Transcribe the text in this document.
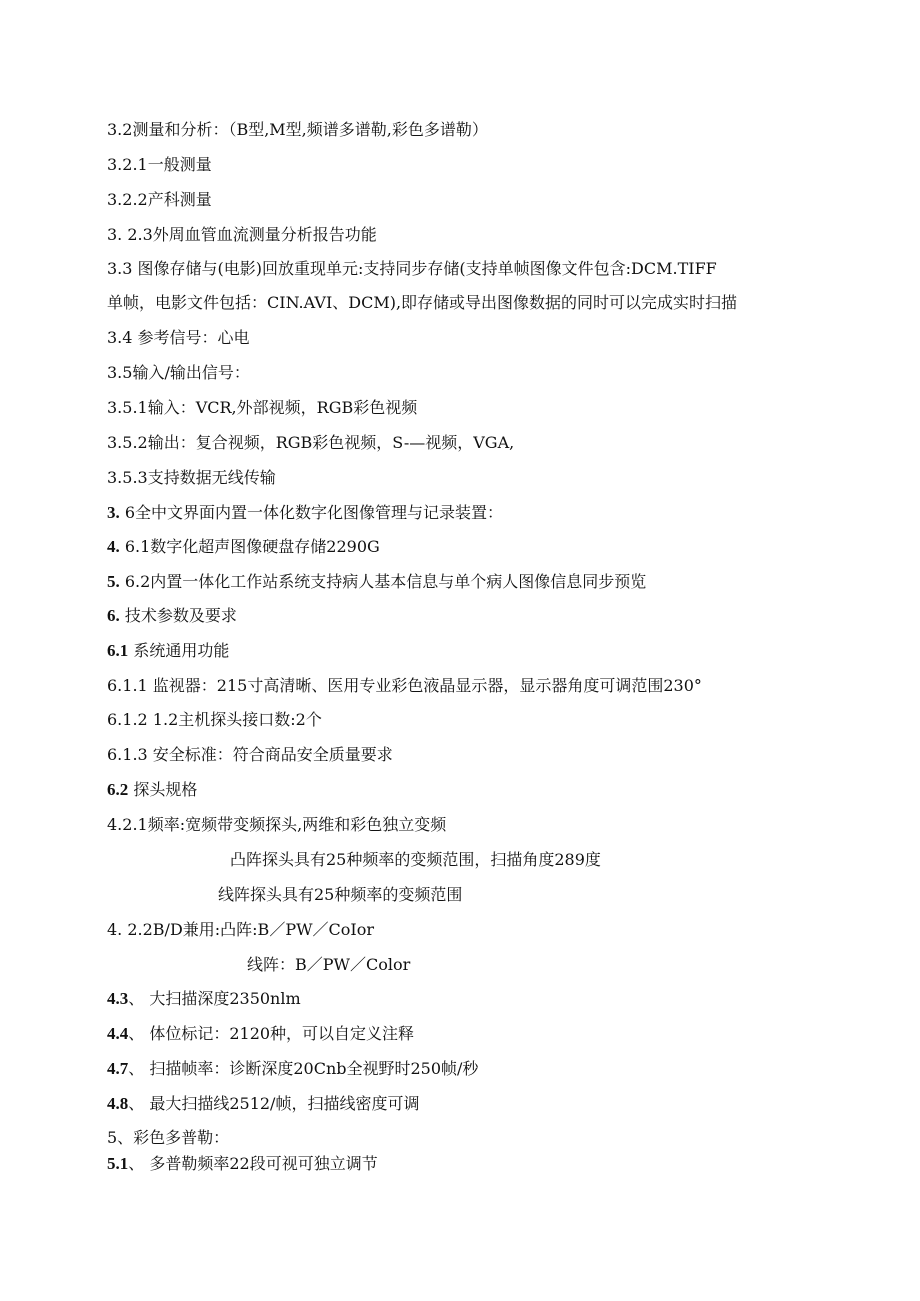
3.2测量和分析：（B型,M型,频谱多谱勒,彩色多谱勒）
3.2.1一般测量
3.2.2产科测量
3. 2.3外周血管血流测量分析报告功能
3.3 图像存储与(电影)回放重现单元:支持同步存储(支持单帧图像文件包含:DCM.TIFF
单帧，电影文件包括：CIN.AVI、DCM),即存储或导出图像数据的同时可以完成实时扫描
3.4 参考信号：心电
3.5输入/输出信号：
3.5.1输入：VCR,外部视频，RGB彩色视频
3.5.2输出：复合视频，RGB彩色视频，S-—视频，VGA,
3.5.3支持数据无线传输
3. 6全中文界面内置一体化数字化图像管理与记录装置：
4. 6.1数字化超声图像硬盘存储2290G
5. 6.2内置一体化工作站系统支持病人基本信息与单个病人图像信息同步预览
6. 技术参数及要求
6.1 系统通用功能
6.1.1 监视器：215寸高清晰、医用专业彩色液晶显示器，显示器角度可调范围230°
6.1.2 1.2主机探头接口数:2个
6.1.3 安全标准：符合商品安全质量要求
6.2 探头规格
4.2.1频率:宽频带变频探头,两维和彩色独立变频
凸阵探头具有25种频率的变频范围，扫描角度289度
线阵探头具有25种频率的变频范围
4. 2.2B/D兼用:凸阵:B／PW／CoIor
线阵：B／PW／Color
4.3、 大扫描深度2350nlm
4.4、 体位标记：2120种，可以自定义注释
4.7、 扫描帧率：诊断深度20Cnb全视野时250帧/秒
4.8、 最大扫描线2512/帧，扫描线密度可调
5、彩色多普勒：
5.1、 多普勒频率22段可视可独立调节
